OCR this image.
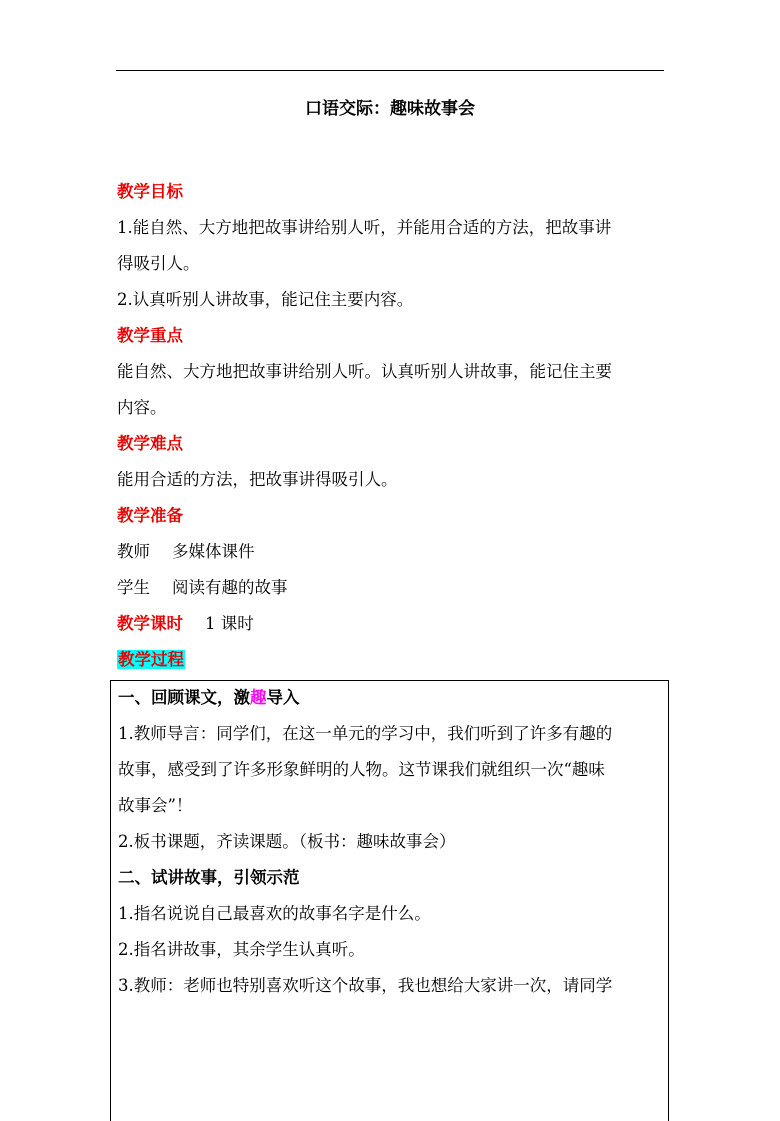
口语交际：趣味故事会
教学目标
1.能自然、大方地把故事讲给别人听，并能用合适的方法，把故事讲
得吸引人。
2.认真听别人讲故事，能记住主要内容。
教学重点
能自然、大方地把故事讲给别人听。认真听别人讲故事，能记住主要
内容。
教学难点
能用合适的方法，把故事讲得吸引人。
教学准备
教师 多媒体课件
学生 阅读有趣的故事
教学课时 1 课时
教学过程
一、回顾课文，激趣导入
1.教师导言：同学们，在这一单元的学习中，我们听到了许多有趣的
故事，感受到了许多形象鲜明的人物。这节课我们就组织一次“趣味
故事会”！
2.板书课题，齐读课题。（板书：趣味故事会）
二、试讲故事，引领示范
1.指名说说自己最喜欢的故事名字是什么。
2.指名讲故事，其余学生认真听。
3.教师：老师也特别喜欢听这个故事，我也想给大家讲一次，请同学
